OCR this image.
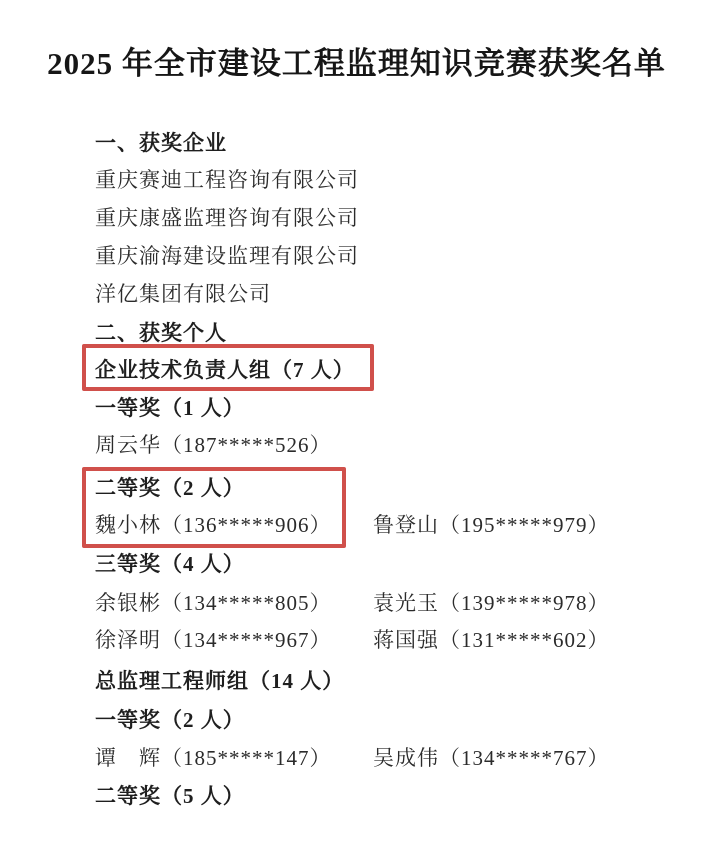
2025 年全市建设工程监理知识竞赛获奖名单
一、获奖企业
重庆赛迪工程咨询有限公司
重庆康盛监理咨询有限公司
重庆渝海建设监理有限公司
洋亿集团有限公司
二、获奖个人
企业技术负责人组（7 人）
一等奖（1 人）
周云华（187*****526）
二等奖（2 人）
魏小林（136*****906） 鲁登山（195*****979）
三等奖（4 人）
余银彬（134*****805） 袁光玉（139*****978）
徐泽明（134*****967） 蒋国强（131*****602）
总监理工程师组（14 人）
一等奖（2 人）
谭　辉（185*****147） 吴成伟（134*****767）
二等奖（5 人）
